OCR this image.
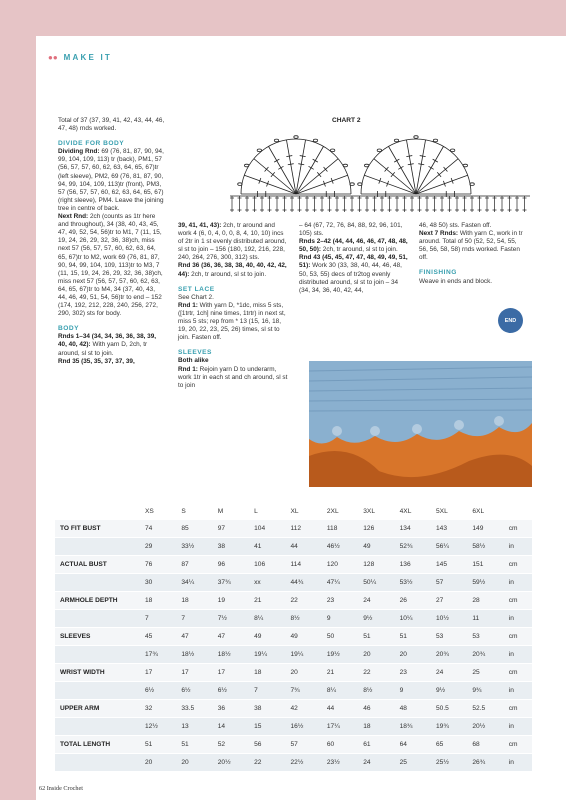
●● MAKE IT

Total of 37 (37, 39, 41, 42, 43, 44, 46, 47, 48) rnds worked.

DIVIDE FOR BODY

Dividing Rnd: 69 (76, 81, 87, 90, 94, 99, 104, 109, 113) tr (back), PM1, 57 (56, 57, 57, 60, 62, 63, 64, 65, 67)tr (left sleeve), PM2, 69 (76, 81, 87, 90, 94, 99, 104, 109, 113)tr (front), PM3, 57 (56, 57, 57, 60, 62, 63, 64, 65, 67) (right sleeve), PM4. Leave the joining tree in centre of back.

Next Rnd: 2ch (counts as 1tr here and throughout), 34 (38, 40, 43, 45, 47, 49, 52, 54, 56)tr to M1, 7 (11, 15, 19, 24, 26, 29, 32, 36, 38)ch, miss next 57 (56, 57, 57, 60, 62, 63, 64, 65, 67)tr to M2, work 69 (76, 81, 87, 90, 94, 99, 104, 109, 113)tr to M3, 7 (11, 15, 19, 24, 26, 29, 32, 36, 38)ch, miss next 57 (56, 57, 57, 60, 62, 63, 64, 65, 67)tr to M4, 34 (37, 40, 43, 44, 46, 49, 51, 54, 56)tr to end – 152 (174, 192, 212, 228, 240, 256, 272, 290, 302) sts for body.

BODY

Rnds 1–34 (34, 34, 36, 36, 38, 39, 40, 40, 42): With yarn D, 2ch, tr around, sl st to join.

Rnd 35 (35, 35, 37, 37, 39,

39, 41, 41, 43): 2ch, tr around and work 4 (6, 0, 4, 0, 0, 8, 4, 10, 10) incs of 2tr in 1 st evenly distributed around, sl st to join – 156 (180, 192, 216, 228, 240, 264, 276, 300, 312) sts.

Rnd 36 (36, 36, 38, 38, 40, 40, 42, 42, 44): 2ch, tr around, sl st to join.

SET LACE

See Chart 2.

Rnd 1: With yarn D, *1dc, miss 5 sts, ([1trtr, 1ch] nine times, 1trtr) in next st, miss 5 sts; rep from * 13 (15, 16, 18, 19, 20, 22, 23, 25, 26) times, sl st to join. Fasten off.

SLEEVES

Both alike

Rnd 1: Rejoin yarn D to underarm, work 1tr in each st and ch around, sl st to join

– 64 (67, 72, 76, 84, 88, 92, 96, 101, 105) sts.

Rnds 2–42 (44, 44, 46, 46, 47, 48, 48, 50, 50): 2ch, tr around, sl st to join.

Rnd 43 (45, 45, 47, 47, 48, 49, 49, 51, 51): Work 30 (33, 38, 40, 44, 46, 48, 50, 53, 55) decs of tr2tog evenly distributed around, sl st to join – 34 (34, 34, 36, 40, 42, 44,

46, 48 50) sts. Fasten off.

Next 7 Rnds: With yarn C, work in tr around. Total of 50 (52, 52, 54, 55, 56, 56, 58, 58) rnds worked. Fasten off.

FINISHING

Weave in ends and block.

END
CHART 2
	XS	S	M	L	XL	2XL	3XL	4XL	5XL	6XL	
TO FIT BUST	74	85	97	104	112	118	126	134	143	149	cm
	29	33½	38	41	44	46½	49	52¾	56¼	58½	in
ACTUAL BUST	76	87	96	106	114	120	128	136	145	151	cm
	30	34¼	37¾	xx	44¾	47¼	50¼	53½	57	59½	in
ARMHOLE DEPTH	18	18	19	21	22	23	24	26	27	28	cm
	7	7	7½	8¼	8½	9	9½	10¼	10½	11	in
SLEEVES	45	47	47	49	49	50	51	51	53	53	cm
	17¾	18½	18½	19¼	19¼	19½	20	20	20¾	20¾	in
WRIST WIDTH	17	17	17	18	20	21	22	23	24	25	cm
	6½	6½	6½	7	7¾	8¼	8½	9	9½	9¾	in
UPPER ARM	32	33.5	36	38	42	44	46	48	50.5	52.5	cm
	12½	13	14	15	16½	17¼	18	18¾	19¾	20½	in
TOTAL LENGTH	51	51	52	56	57	60	61	64	65	68	cm
	20	20	20½	22	22½	23½	24	25	25½	26¾	in
62 Inside Crochet	PassionForum.ru
